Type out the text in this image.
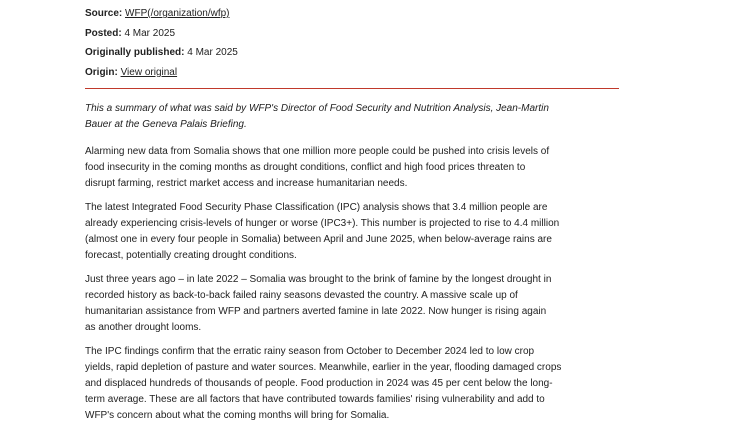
Source: WFP(/organization/wfp)
Posted: 4 Mar 2025
Originally published: 4 Mar 2025
Origin: View original

This a summary of what was said by WFP's Director of Food Security and Nutrition Analysis, Jean-Martin
Bauer at the Geneva Palais Briefing.

Alarming new data from Somalia shows that one million more people could be pushed into crisis levels of
food insecurity in the coming months as drought conditions, conflict and high food prices threaten to
disrupt farming, restrict market access and increase humanitarian needs.

The latest Integrated Food Security Phase Classification (IPC) analysis shows that 3.4 million people are
already experiencing crisis-levels of hunger or worse (IPC3+). This number is projected to rise to 4.4 million
(almost one in every four people in Somalia) between April and June 2025, when below-average rains are
forecast, potentially creating drought conditions.

Just three years ago – in late 2022 – Somalia was brought to the brink of famine by the longest drought in
recorded history as back-to-back failed rainy seasons devasted the country. A massive scale up of
humanitarian assistance from WFP and partners averted famine in late 2022. Now hunger is rising again
as another drought looms.

The IPC findings confirm that the erratic rainy season from October to December 2024 led to low crop
yields, rapid depletion of pasture and water sources. Meanwhile, earlier in the year, flooding damaged crops
and displaced hundreds of thousands of people. Food production in 2024 was 45 per cent below the long-
term average. These are all factors that have contributed towards families' rising vulnerability and add to
WFP's concern about what the coming months will bring for Somalia.
